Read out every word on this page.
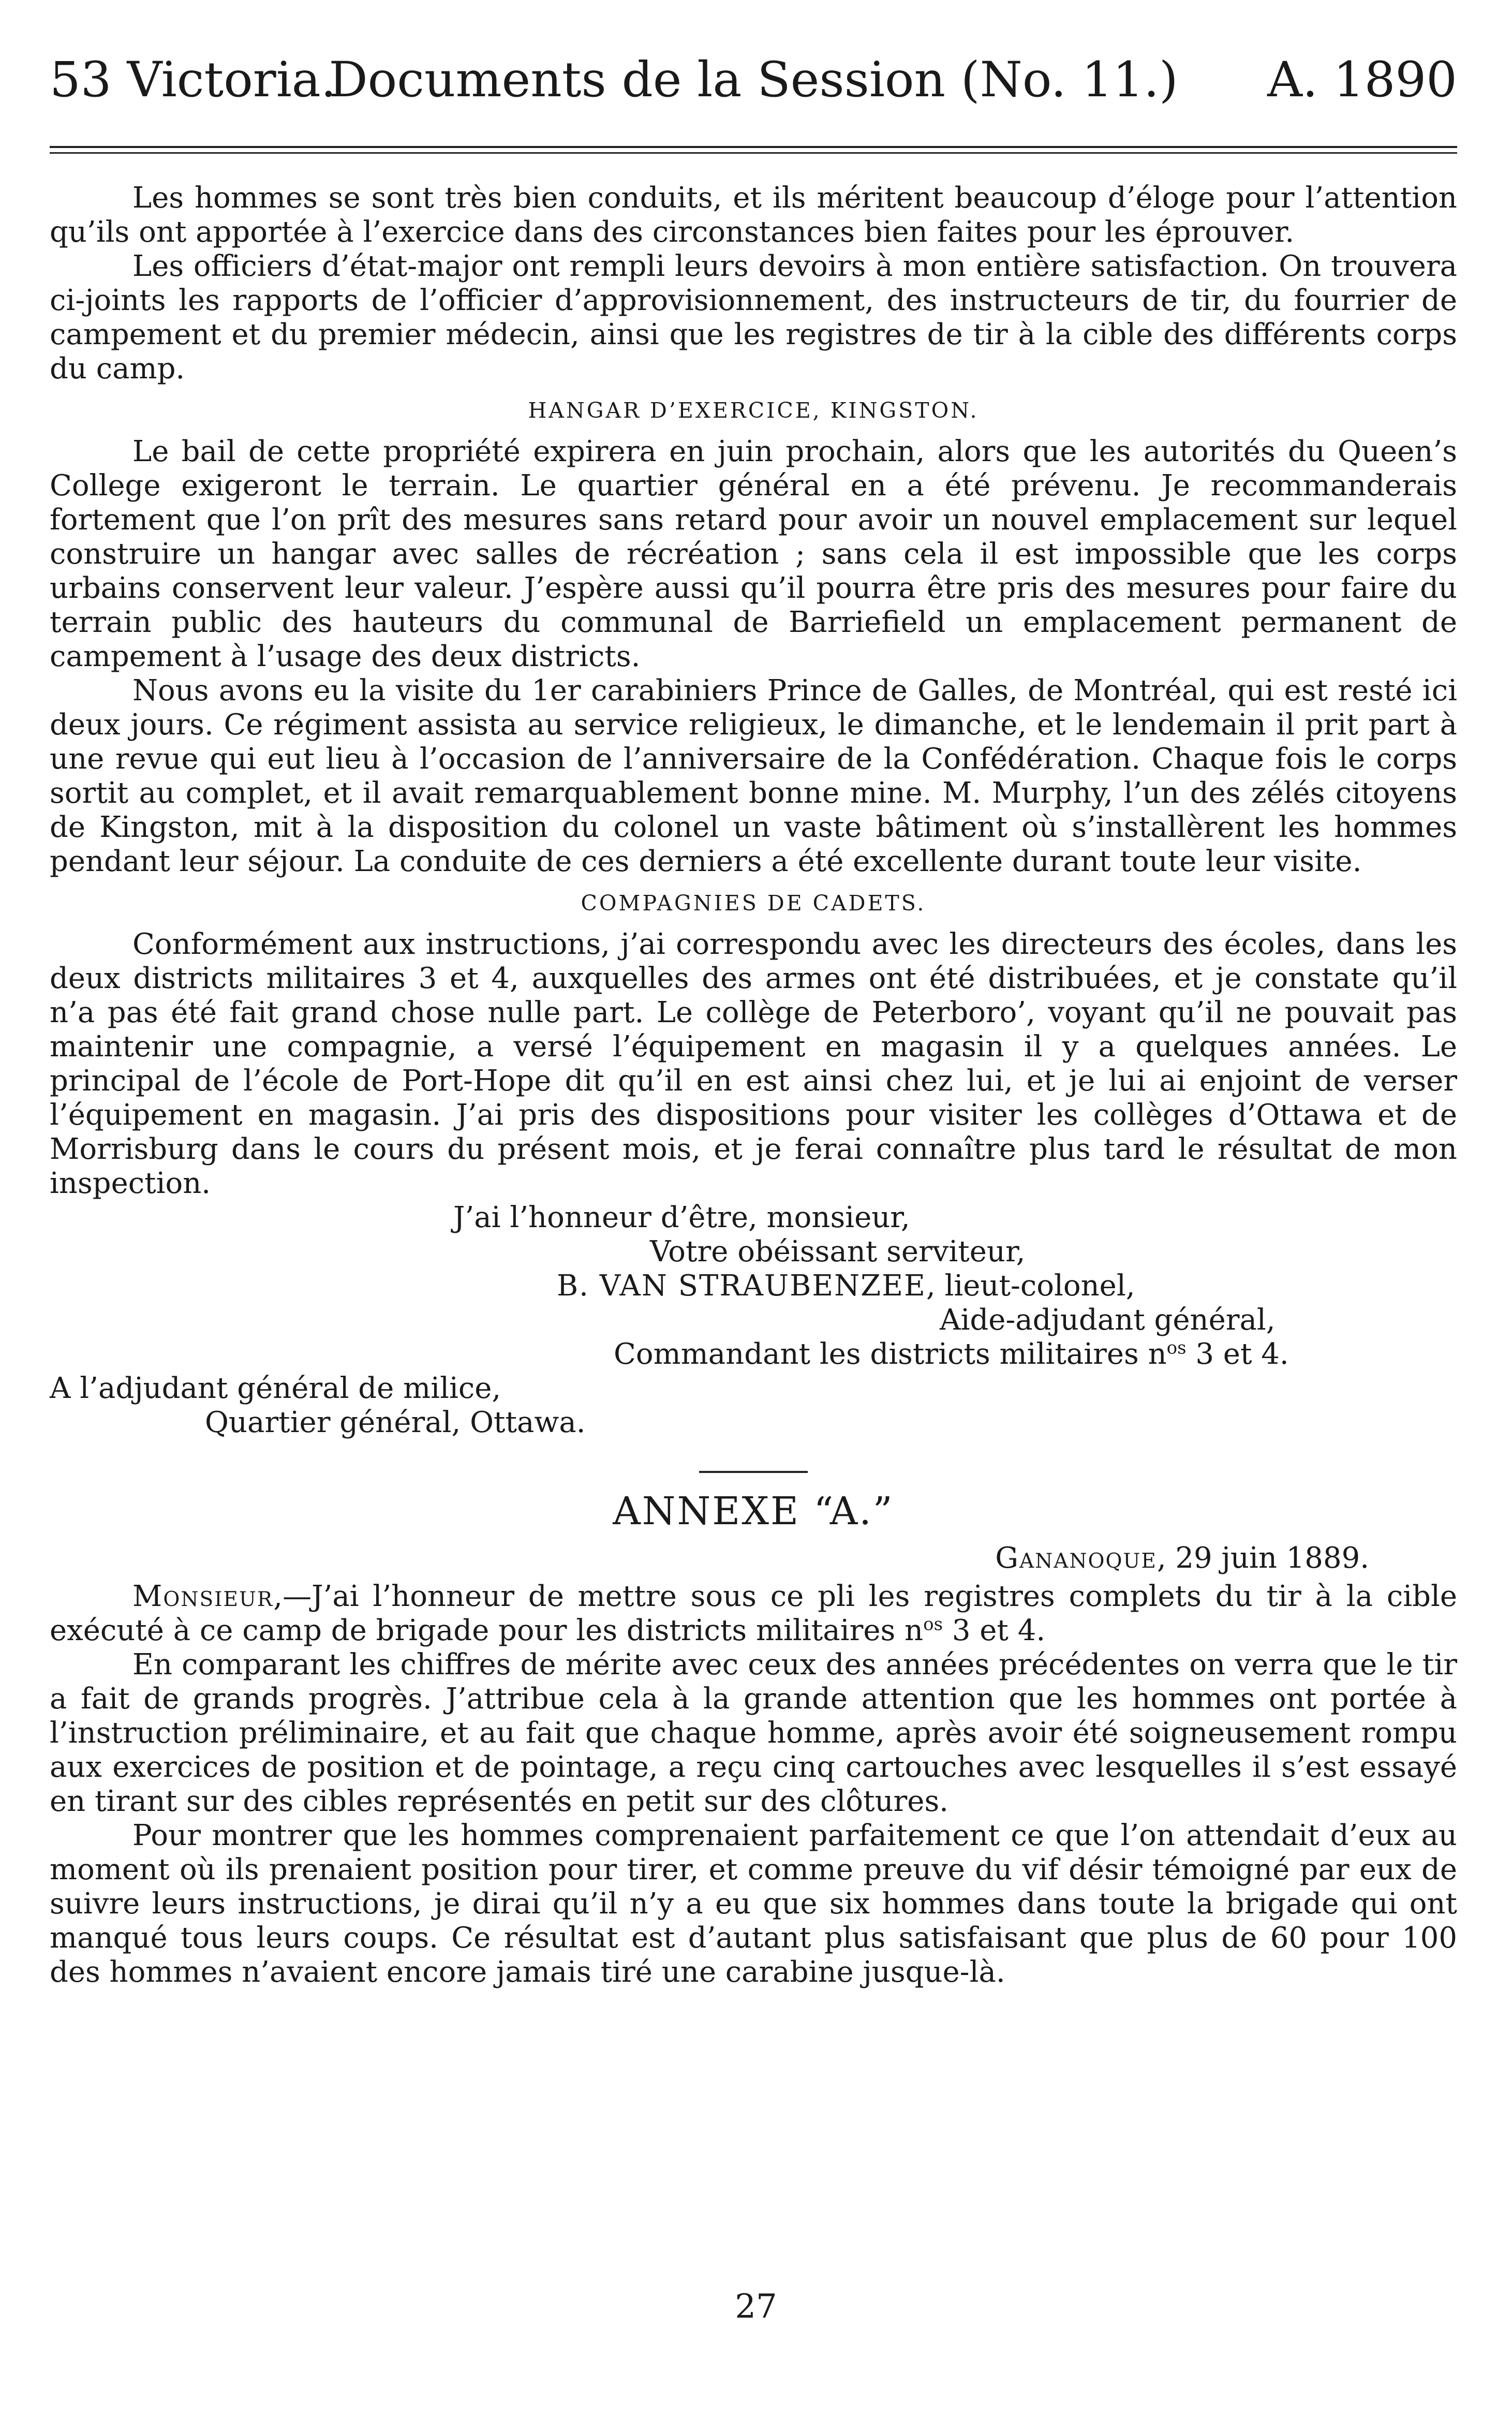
53 Victoria.
Documents de la Session (No. 11.)	A. 1890

Les hommes se sont très bien conduits, et ils méritent beaucoup d’éloge pour l’attention qu’ils ont apportée à l’exercice dans des circonstances bien faites pour les éprouver.

Les officiers d’état-major ont rempli leurs devoirs à mon entière satisfaction. On trouvera ci-joints les rapports de l’officier d’approvisionnement, des instructeurs de tir, du fourrier de campement et du premier médecin, ainsi que les registres de tir à la cible des différents corps du camp.

HANGAR D’EXERCICE, KINGSTON.

Le bail de cette propriété expirera en juin prochain, alors que les autorités du Queen’s College exigeront le terrain. Le quartier général en a été prévenu. Je recommanderais fortement que l’on prît des mesures sans retard pour avoir un nouvel emplacement sur lequel construire un hangar avec salles de récréation ; sans cela il est impossible que les corps urbains conservent leur valeur. J’espère aussi qu’il pourra être pris des mesures pour faire du terrain public des hauteurs du communal de Barriefield un emplacement permanent de campement à l’usage des deux districts.

Nous avons eu la visite du 1er carabiniers Prince de Galles, de Montréal, qui est resté ici deux jours. Ce régiment assista au service religieux, le dimanche, et le lendemain il prit part à une revue qui eut lieu à l’occasion de l’anniversaire de la Confédération. Chaque fois le corps sortit au complet, et il avait remarquablement bonne mine. M. Murphy, l’un des zélés citoyens de Kingston, mit à la disposition du colonel un vaste bâtiment où s’installèrent les hommes pendant leur séjour. La conduite de ces derniers a été excellente durant toute leur visite.

COMPAGNIES DE CADETS.

Conformément aux instructions, j’ai correspondu avec les directeurs des écoles, dans les deux districts militaires 3 et 4, auxquelles des armes ont été distribuées, et je constate qu’il n’a pas été fait grand chose nulle part. Le collège de Peterboro’, voyant qu’il ne pouvait pas maintenir une compagnie, a versé l’équipement en magasin il y a quelques années. Le principal de l’école de Port-Hope dit qu’il en est ainsi chez lui, et je lui ai enjoint de verser l’équipement en magasin. J’ai pris des dispositions pour visiter les collèges d’Ottawa et de Morrisburg dans le cours du présent mois, et je ferai connaître plus tard le résultat de mon inspection.

J’ai l’honneur d’être, monsieur,
Votre obéissant serviteur,
B. VAN STRAUBENZEE, lieut-colonel,
Aide-adjudant général,
Commandant les districts militaires $n^{os}$ 3 et 4.
A l’adjudant général de milice,
Quartier général, Ottawa.
ANNEXE “A.”
Gananoque, 29 juin 1889.

Monsieur,—J’ai l’honneur de mettre sous ce pli les registres complets du tir à la cible exécuté à ce camp de brigade pour les districts militaires $n^{os}$ 3 et 4.

En comparant les chiffres de mérite avec ceux des années précédentes on verra que le tir a fait de grands progrès. J’attribue cela à la grande attention que les hommes ont portée à l’instruction préliminaire, et au fait que chaque homme, après avoir été soigneusement rompu aux exercices de position et de pointage, a reçu cinq cartouches avec lesquelles il s’est essayé en tirant sur des cibles représentés en petit sur des clôtures.

Pour montrer que les hommes comprenaient parfaitement ce que l’on attendait d’eux au moment où ils prenaient position pour tirer, et comme preuve du vif désir témoigné par eux de suivre leurs instructions, je dirai qu’il n’y a eu que six hommes dans toute la brigade qui ont manqué tous leurs coups. Ce résultat est d’autant plus satisfaisant que plus de 60 pour 100 des hommes n’avaient encore jamais tiré une carabine jusque-là.

27
